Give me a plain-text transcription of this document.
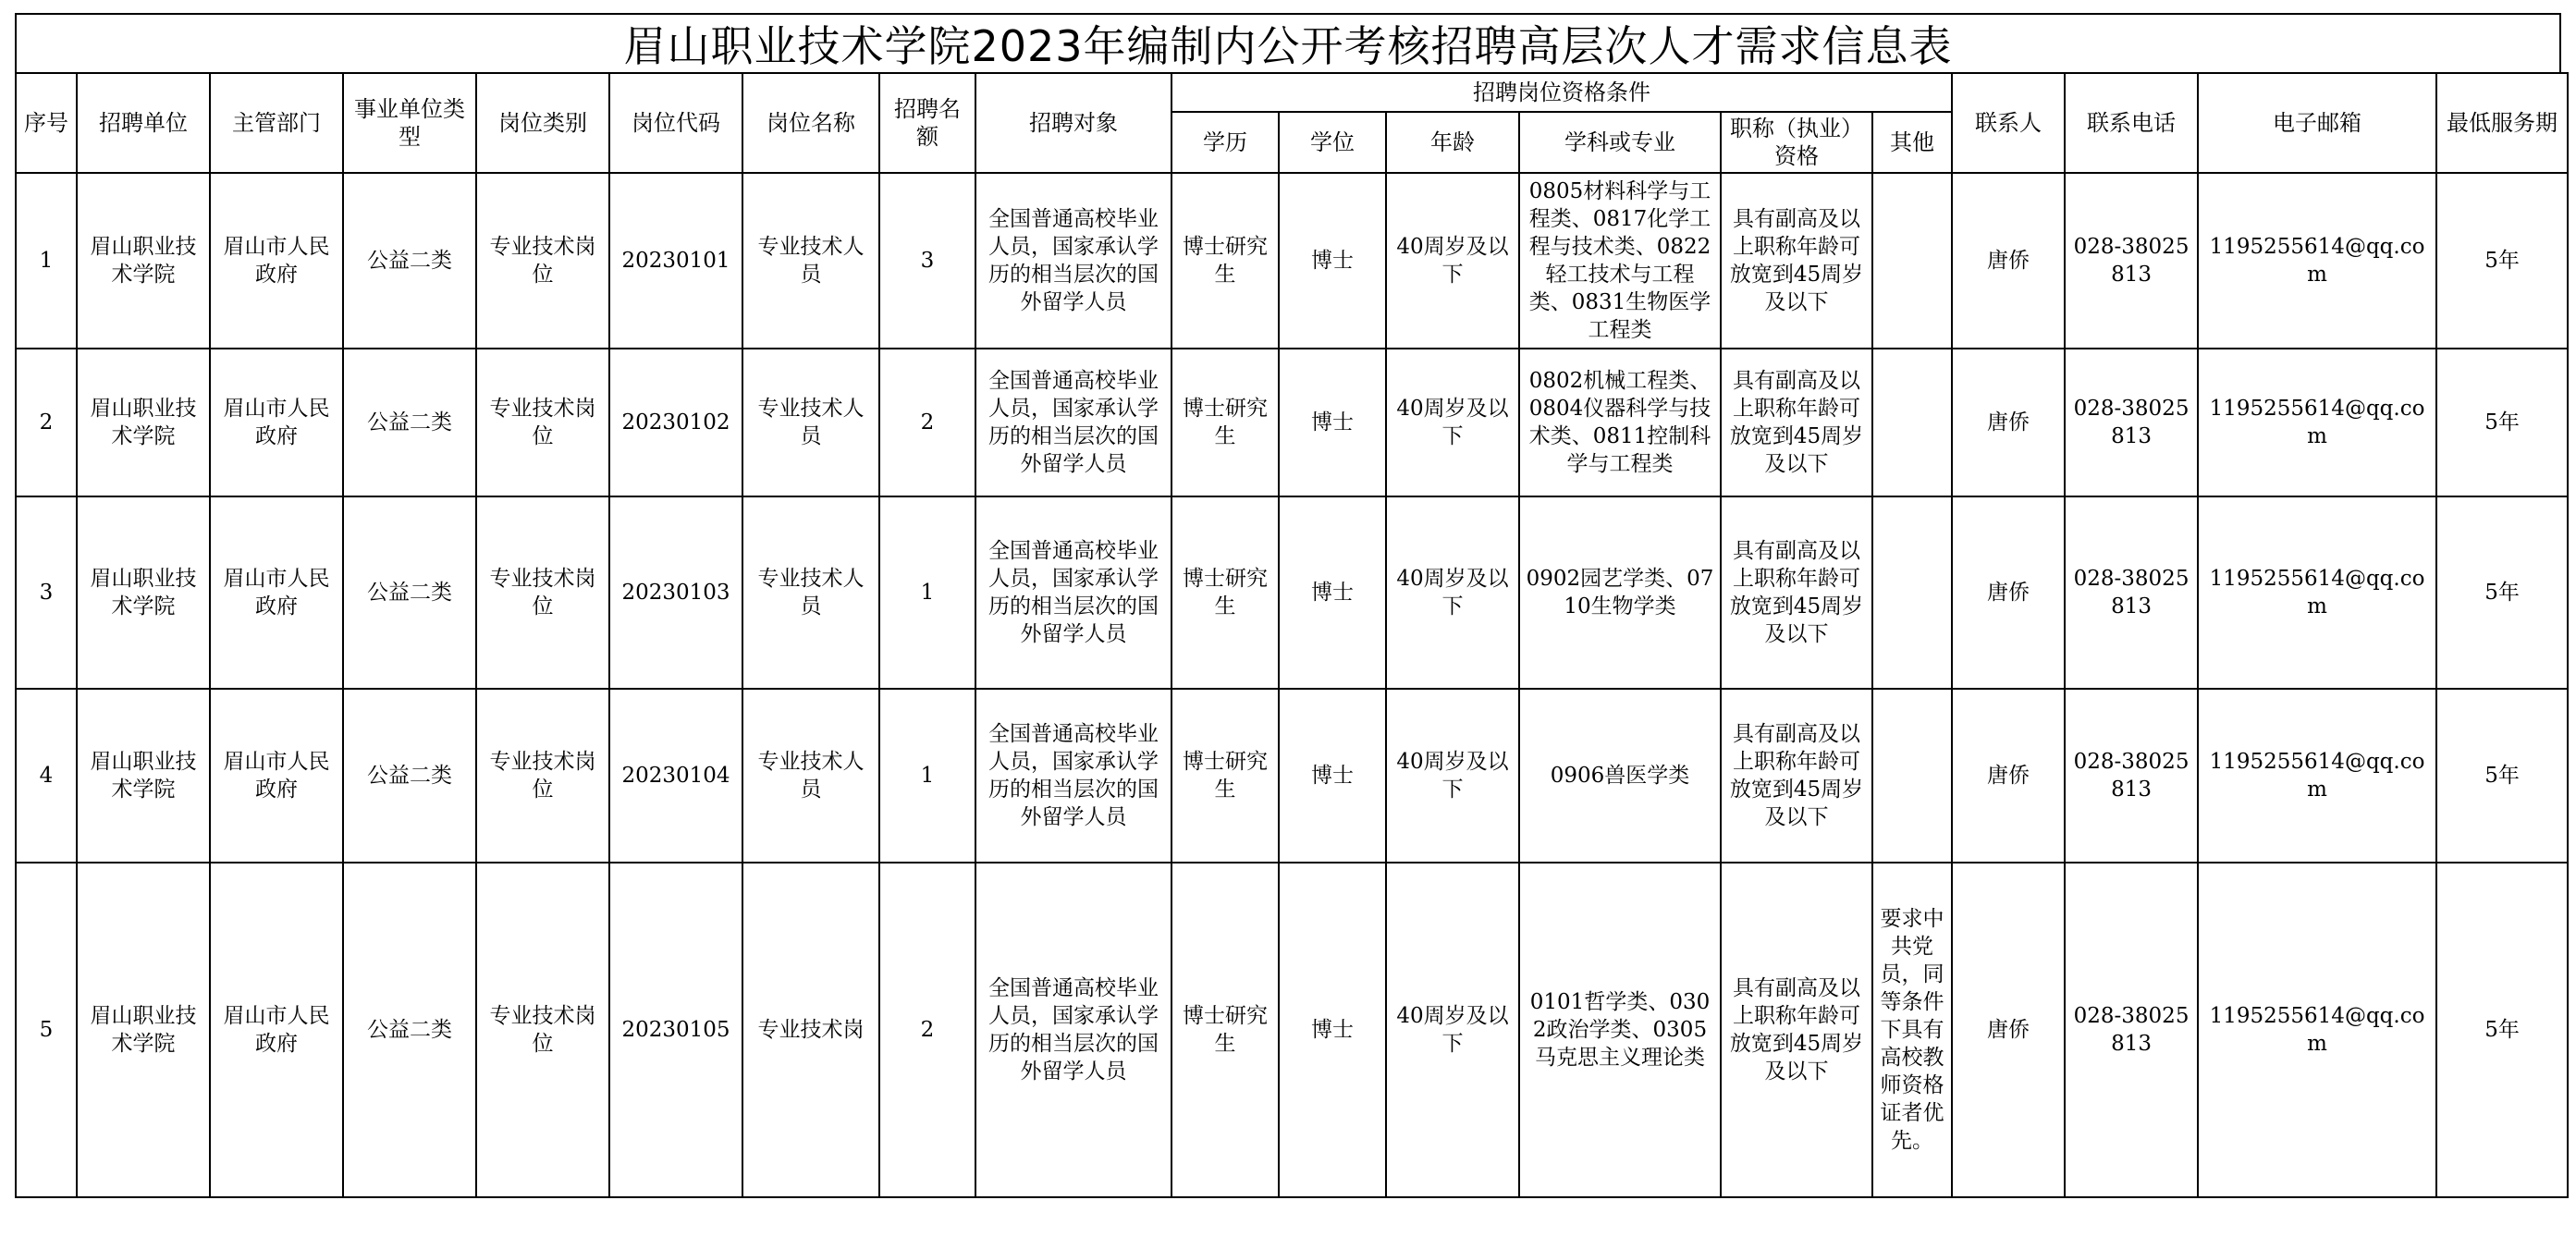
眉山职业技术学院2023年编制内公开考核招聘高层次人才需求信息表
序号	招聘单位	主管部门	事业单位类型	岗位类别	岗位代码	岗位名称	招聘名额	招聘对象	招聘岗位资格条件						联系人	联系电话	电子邮箱	最低服务期
									学历	学位	年龄	学科或专业	职称（执业）资格	其他				
1	眉山职业技术学院	眉山市人民政府	公益二类	专业技术岗位	20230101	专业技术人员	3	全国普通高校毕业人员，国家承认学历的相当层次的国外留学人员	博士研究生	博士	40周岁及以下	0805材料科学与工程类、0817化学工程与技术类、0822轻工技术与工程类、0831生物医学工程类	具有副高及以上职称年龄可放宽到45周岁及以下		唐侨	028-38025813	1195255614@qq.com	5年
2	眉山职业技术学院	眉山市人民政府	公益二类	专业技术岗位	20230102	专业技术人员	2	全国普通高校毕业人员，国家承认学历的相当层次的国外留学人员	博士研究生	博士	40周岁及以下	0802机械工程类、0804仪器科学与技术类、0811控制科学与工程类	具有副高及以上职称年龄可放宽到45周岁及以下		唐侨	028-38025813	1195255614@qq.com	5年
3	眉山职业技术学院	眉山市人民政府	公益二类	专业技术岗位	20230103	专业技术人员	1	全国普通高校毕业人员，国家承认学历的相当层次的国外留学人员	博士研究生	博士	40周岁及以下	0902园艺学类、0710生物学类	具有副高及以上职称年龄可放宽到45周岁及以下		唐侨	028-38025813	1195255614@qq.com	5年
4	眉山职业技术学院	眉山市人民政府	公益二类	专业技术岗位	20230104	专业技术人员	1	全国普通高校毕业人员，国家承认学历的相当层次的国外留学人员	博士研究生	博士	40周岁及以下	0906兽医学类	具有副高及以上职称年龄可放宽到45周岁及以下		唐侨	028-38025813	1195255614@qq.com	5年
5	眉山职业技术学院	眉山市人民政府	公益二类	专业技术岗位	20230105	专业技术岗	2	全国普通高校毕业人员，国家承认学历的相当层次的国外留学人员	博士研究生	博士	40周岁及以下	0101哲学类、0302政治学类、0305马克思主义理论类	具有副高及以上职称年龄可放宽到45周岁及以下	要求中共党员，同等条件下具有高校教师资格证者优先。	唐侨	028-38025813	1195255614@qq.com	5年
